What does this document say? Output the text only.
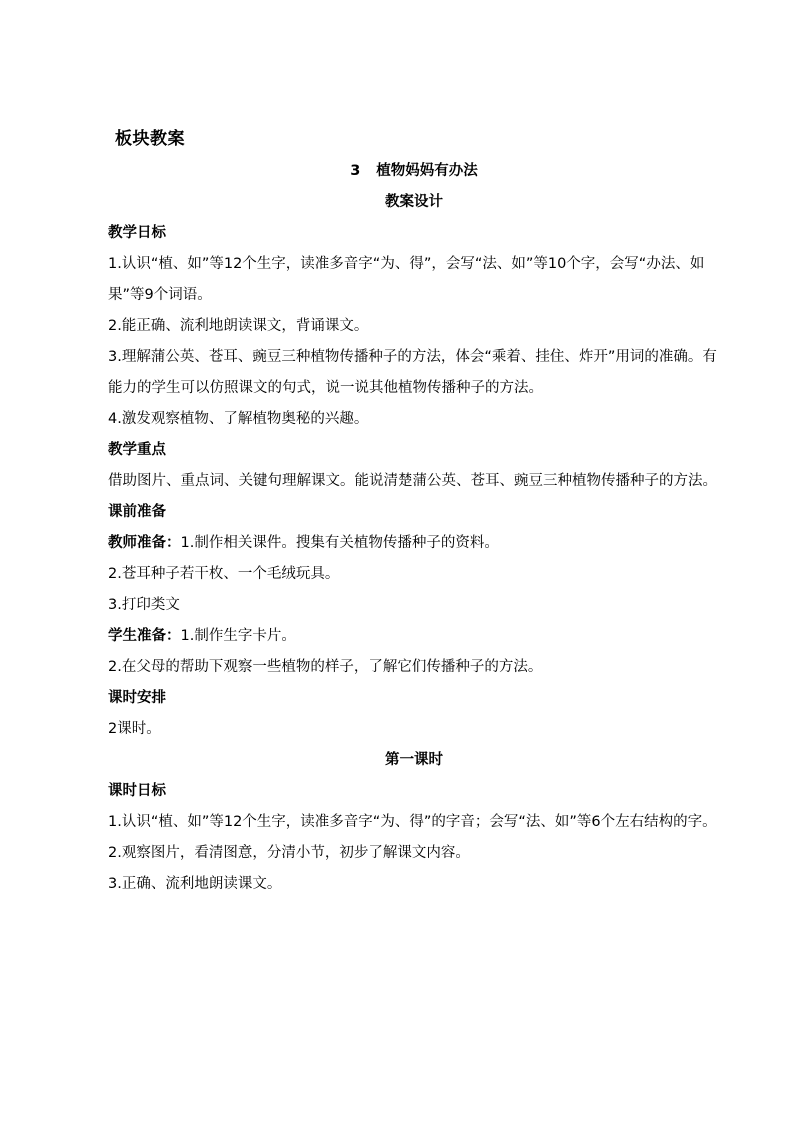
板块教案
3 植物妈妈有办法
教案设计
教学日标
1.认识“植、如”等12个生字，读准多音字“为、得”，会写“法、如”等10个字，会写“办法、如果”等9个词语。
2.能正确、流利地朗读课文，背诵课文。
3.理解蒲公英、苍耳、豌豆三种植物传播种子的方法，体会“乘着、挂住、炸开”用词的准确。有能力的学生可以仿照课文的句式，说一说其他植物传播种子的方法。
4.激发观察植物、了解植物奥秘的兴趣。
教学重点
借助图片、重点词、关键句理解课文。能说清楚蒲公英、苍耳、豌豆三种植物传播种子的方法。
课前准备
教师准备：1.制作相关课件。搜集有关植物传播种子的资料。
2.苍耳种子若干枚、一个毛绒玩具。
3.打印类文
学生准备：1.制作生字卡片。
2.在父母的帮助下观察一些植物的样子，了解它们传播种子的方法。
课时安排
2课时。
第一课时
课时日标
1.认识“植、如”等12个生字，读准多音字“为、得”的字音；会写“法、如”等6个左右结构的字。
2.观察图片，看清图意，分清小节，初步了解课文内容。
3.正确、流利地朗读课文。
